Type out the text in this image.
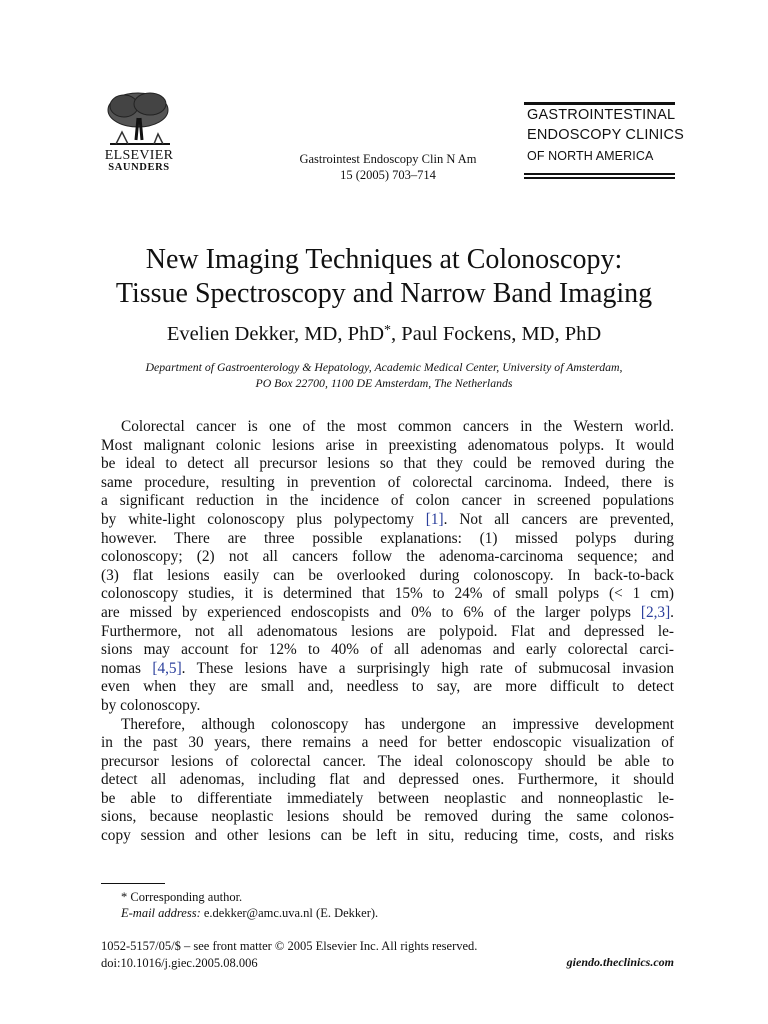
ELSEVIER
SAUNDERS
Gastrointest Endoscopy Clin N Am
15 (2005) 703–714
GASTROINTESTINAL
ENDOSCOPY CLINICS
OF NORTH AMERICA
New Imaging Techniques at Colonoscopy:
Tissue Spectroscopy and Narrow Band Imaging
Evelien Dekker, MD, PhD*, Paul Fockens, MD, PhD
Department of Gastroenterology & Hepatology, Academic Medical Center, University of Amsterdam,
PO Box 22700, 1100 DE Amsterdam, The Netherlands
Colorectal cancer is one of the most common cancers in the Western world.
Most malignant colonic lesions arise in preexisting adenomatous polyps. It would
be ideal to detect all precursor lesions so that they could be removed during the
same procedure, resulting in prevention of colorectal carcinoma. Indeed, there is
a significant reduction in the incidence of colon cancer in screened populations
by white-light colonoscopy plus polypectomy [1]. Not all cancers are prevented,
however. There are three possible explanations: (1) missed polyps during
colonoscopy; (2) not all cancers follow the adenoma-carcinoma sequence; and
(3) flat lesions easily can be overlooked during colonoscopy. In back-to-back
colonoscopy studies, it is determined that 15% to 24% of small polyps (< 1 cm)
are missed by experienced endoscopists and 0% to 6% of the larger polyps [2,3].
Furthermore, not all adenomatous lesions are polypoid. Flat and depressed le-
sions may account for 12% to 40% of all adenomas and early colorectal carci-
nomas [4,5]. These lesions have a surprisingly high rate of submucosal invasion
even when they are small and, needless to say, are more difficult to detect
by colonoscopy.
Therefore, although colonoscopy has undergone an impressive development
in the past 30 years, there remains a need for better endoscopic visualization of
precursor lesions of colorectal cancer. The ideal colonoscopy should be able to
detect all adenomas, including flat and depressed ones. Furthermore, it should
be able to differentiate immediately between neoplastic and nonneoplastic le-
sions, because neoplastic lesions should be removed during the same colonos-
copy session and other lesions can be left in situ, reducing time, costs, and risks
* Corresponding author.
E-mail address: e.dekker@amc.uva.nl (E. Dekker).
1052-5157/05/$ – see front matter © 2005 Elsevier Inc. All rights reserved.
doi:10.1016/j.giec.2005.08.006	giendo.theclinics.com
